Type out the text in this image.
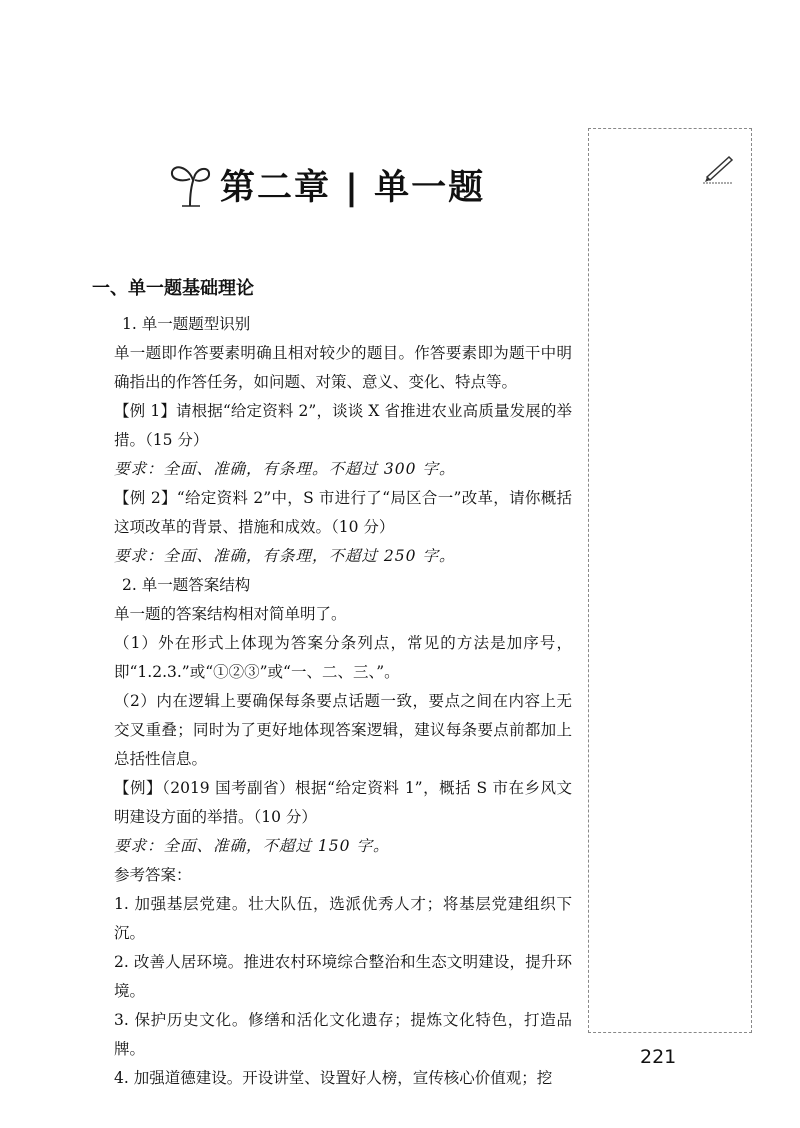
第二章 | 单一题
一、单一题基础理论

1. 单一题题型识别

单一题即作答要素明确且相对较少的题目。作答要素即为题干中明确指出的作答任务，如问题、对策、意义、变化、特点等。

【例 1】请根据“给定资料 2”，谈谈 X 省推进农业高质量发展的举措。（15 分）

要求：全面、准确，有条理。不超过 300 字。

【例 2】“给定资料 2”中，S 市进行了“局区合一”改革，请你概括这项改革的背景、措施和成效。（10 分）

要求：全面、准确，有条理，不超过 250 字。

2. 单一题答案结构

单一题的答案结构相对简单明了。

（1）外在形式上体现为答案分条列点，常见的方法是加序号，即“1.2.3.”或“①②③”或“一、二、三、”。

（2）内在逻辑上要确保每条要点话题一致，要点之间在内容上无交叉重叠；同时为了更好地体现答案逻辑，建议每条要点前都加上总括性信息。

【例】（2019 国考副省）根据“给定资料 1”，概括 S 市在乡风文明建设方面的举措。（10 分）

要求：全面、准确，不超过 150 字。

参考答案：

1. 加强基层党建。壮大队伍，选派优秀人才；将基层党建组织下沉。

2. 改善人居环境。推进农村环境综合整治和生态文明建设，提升环境。

3. 保护历史文化。修缮和活化文化遗存；提炼文化特色，打造品牌。

4. 加强道德建设。开设讲堂、设置好人榜，宣传核心价值观；挖

221
